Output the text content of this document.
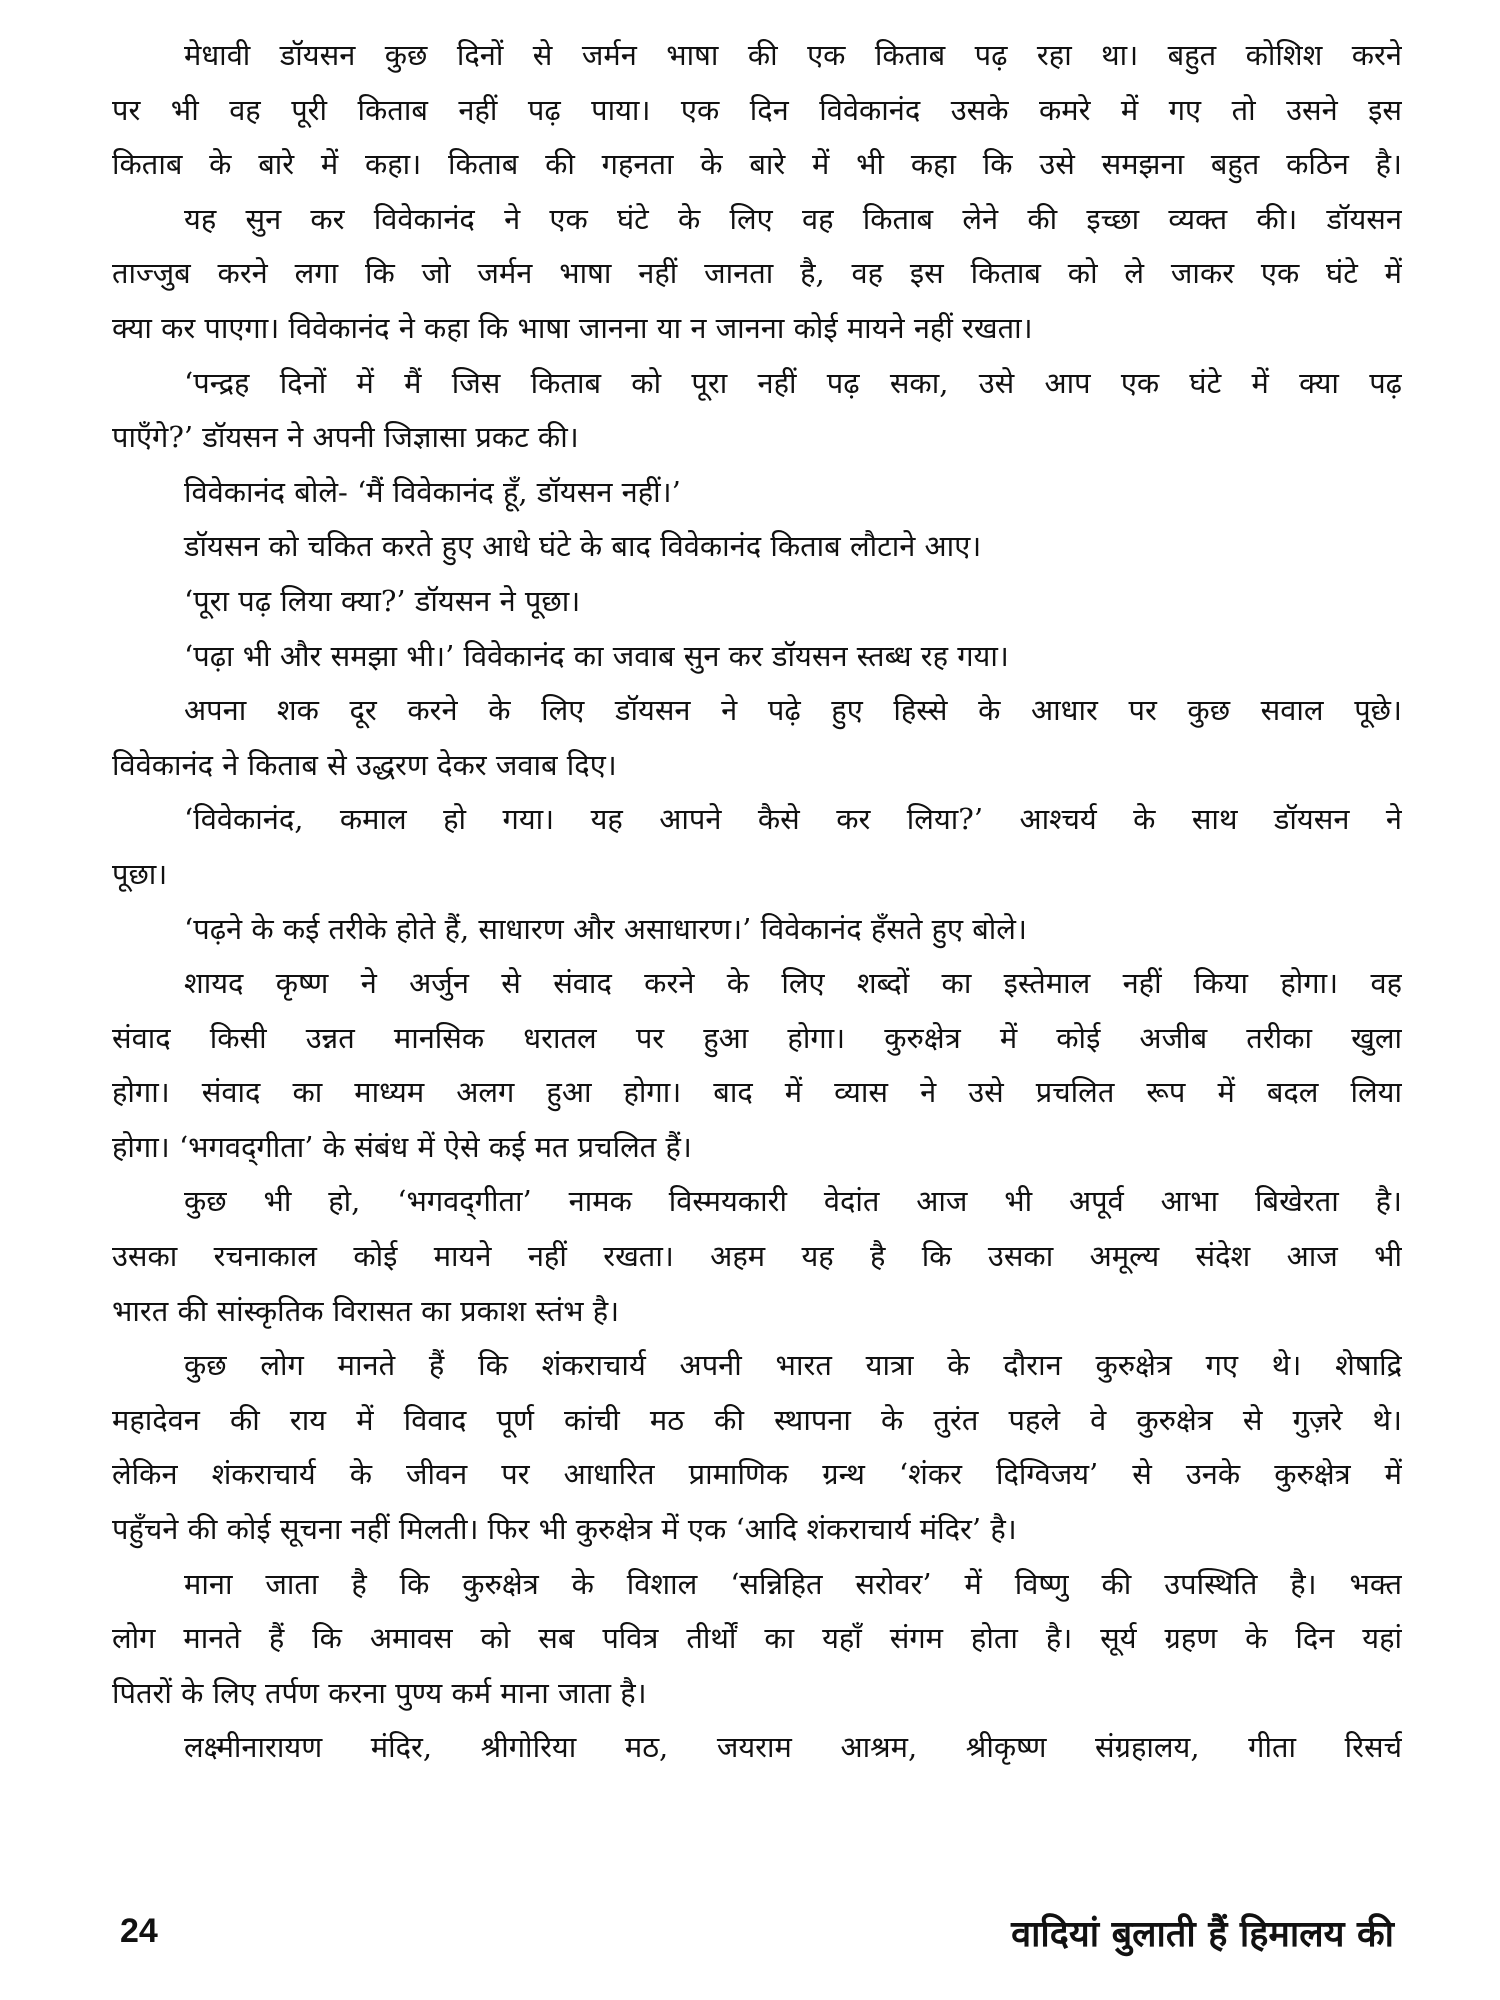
मेधावी डॉयसन कुछ दिनों से जर्मन भाषा की एक किताब पढ़ रहा था। बहुत कोशिश करने
पर भी वह पूरी किताब नहीं पढ़ पाया। एक दिन विवेकानंद उसके कमरे में गए तो उसने इस
किताब के बारे में कहा। किताब की गहनता के बारे में भी कहा कि उसे समझना बहुत कठिन है।
यह सुन कर विवेकानंद ने एक घंटे के लिए वह किताब लेने की इच्छा व्यक्त की। डॉयसन
ताज्जुब करने लगा कि जो जर्मन भाषा नहीं जानता है, वह इस किताब को ले जाकर एक घंटे में
क्या कर पाएगा। विवेकानंद ने कहा कि भाषा जानना या न जानना कोई मायने नहीं रखता।
‘पन्द्रह दिनों में मैं जिस किताब को पूरा नहीं पढ़ सका, उसे आप एक घंटे में क्या पढ़
पाएँगे?’ डॉयसन ने अपनी जिज्ञासा प्रकट की।
विवेकानंद बोले- ‘मैं विवेकानंद हूँ, डॉयसन नहीं।’
डॉयसन को चकित करते हुए आधे घंटे के बाद विवेकानंद किताब लौटाने आए।
‘पूरा पढ़ लिया क्या?’ डॉयसन ने पूछा।
‘पढ़ा भी और समझा भी।’ विवेकानंद का जवाब सुन कर डॉयसन स्तब्ध रह गया।
अपना शक दूर करने के लिए डॉयसन ने पढ़े हुए हिस्से के आधार पर कुछ सवाल पूछे।
विवेकानंद ने किताब से उद्धरण देकर जवाब दिए।
‘विवेकानंद, कमाल हो गया। यह आपने कैसे कर लिया?’ आश्चर्य के साथ डॉयसन ने
पूछा।
‘पढ़ने के कई तरीके होते हैं, साधारण और असाधारण।’ विवेकानंद हँसते हुए बोले।
शायद कृष्ण ने अर्जुन से संवाद करने के लिए शब्दों का इस्तेमाल नहीं किया होगा। वह
संवाद किसी उन्नत मानसिक धरातल पर हुआ होगा। कुरुक्षेत्र में कोई अजीब तरीका खुला
होगा। संवाद का माध्यम अलग हुआ होगा। बाद में व्यास ने उसे प्रचलित रूप में बदल लिया
होगा। ‘भगवद्‌गीता’ के संबंध में ऐसे कई मत प्रचलित हैं।
कुछ भी हो, ‘भगवद्‌गीता’ नामक विस्मयकारी वेदांत आज भी अपूर्व आभा बिखेरता है।
उसका रचनाकाल कोई मायने नहीं रखता। अहम यह है कि उसका अमूल्य संदेश आज भी
भारत की सांस्कृतिक विरासत का प्रकाश स्तंभ है।
कुछ लोग मानते हैं कि शंकराचार्य अपनी भारत यात्रा के दौरान कुरुक्षेत्र गए थे। शेषाद्रि
महादेवन की राय में विवाद पूर्ण कांची मठ की स्थापना के तुरंत पहले वे कुरुक्षेत्र से गुज़रे थे।
लेकिन शंकराचार्य के जीवन पर आधारित प्रामाणिक ग्रन्थ ‘शंकर दिग्विजय’ से उनके कुरुक्षेत्र में
पहुँचने की कोई सूचना नहीं मिलती। फिर भी कुरुक्षेत्र में एक ‘आदि शंकराचार्य मंदिर’ है।
माना जाता है कि कुरुक्षेत्र के विशाल ‘सन्निहित सरोवर’ में विष्णु की उपस्थिति है। भक्त
लोग मानते हैं कि अमावस को सब पवित्र तीर्थों का यहाँ संगम होता है। सूर्य ग्रहण के दिन यहां
पितरों के लिए तर्पण करना पुण्य कर्म माना जाता है।
लक्ष्मीनारायण मंदिर, श्रीगोरिया मठ, जयराम आश्रम, श्रीकृष्ण संग्रहालय, गीता रिसर्च
24	वादियां बुलाती हैं हिमालय की
